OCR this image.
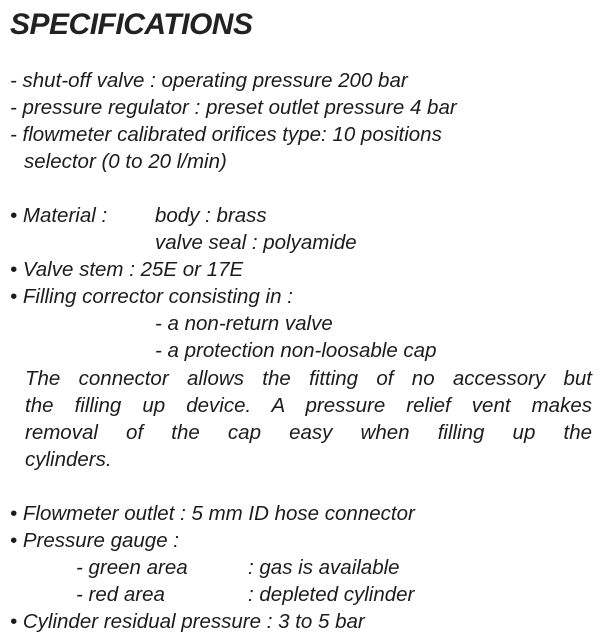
SPECIFICATIONS
- shut-off valve : operating pressure 200 bar
- pressure regulator : preset outlet pressure 4 bar
- flowmeter calibrated orifices type: 10 positions
selector (0 to 20 l/min)
• Material : body : brass
valve seal : polyamide
• Valve stem : 25E or 17E
• Filling corrector consisting in :
- a non-return valve
- a protection non-loosable cap
The connector allows the fitting of no accessory but
the filling up device. A pressure relief vent makes
removal of the cap easy when filling up the
cylinders.
• Flowmeter outlet : 5 mm ID hose connector
• Pressure gauge :
- green area	: gas is available
- red area	: depleted cylinder
• Cylinder residual pressure : 3 to 5 bar
